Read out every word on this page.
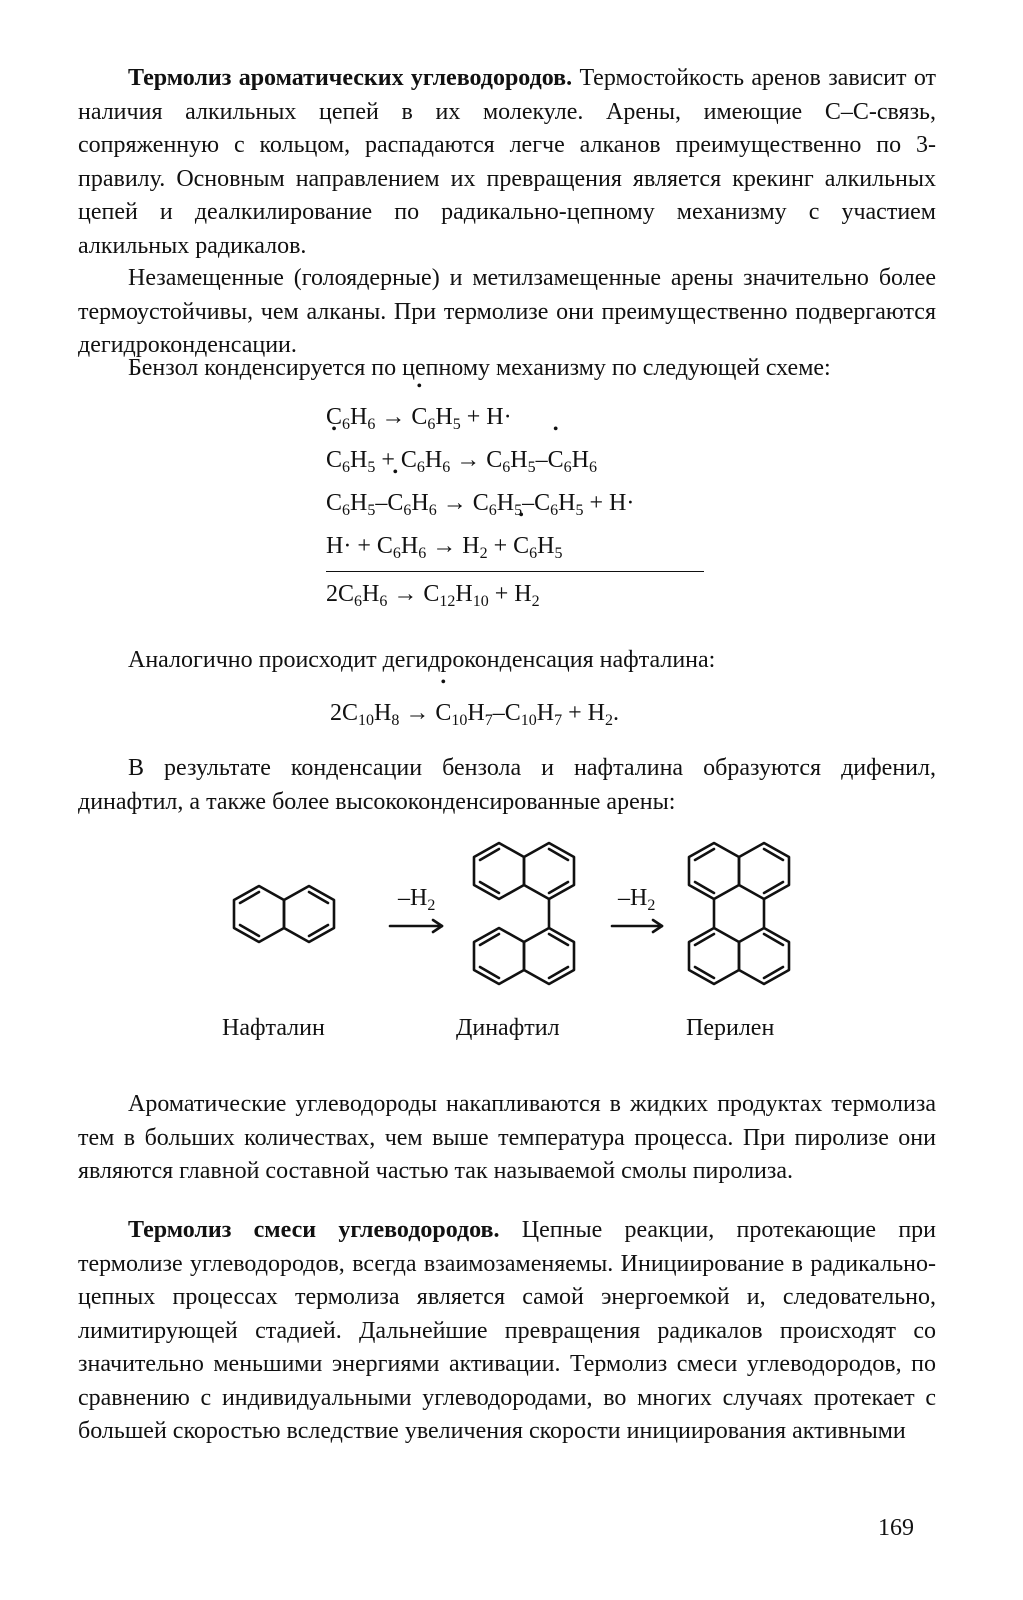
Термолиз ароматических углеводородов. Термостойкость аренов зависит от наличия алкильных цепей в их молекуле. Арены, имеющие С–С-связь, сопряженную с кольцом, распадаются легче алканов преимущественно по 3-правилу. Основным направлением их превращения является крекинг алкильных цепей и деалкилирование по радикально-цепному механизму с участием алкильных радикалов.

Незамещенные (голоядерные) и метилзамещенные арены значительно более термоустойчивы, чем алканы. При термолизе они преимущественно подвергаются дегидроконденсации.

Бензол конденсируется по цепному механизму по следующей схеме:

$C_6H_6$ → • $C_6H_5 + H\cdot$
• $C_6H_5 + C_6H_6$ → $C_6H_5-•$ $C_6H_6$
$C_6H_5-•$ $C_6H_6 \to C_6H_5-C_6H_5 + H\cdot$
$H\cdot + C_6H_6 \to H_2$ + • $C_6H_5$
$2C_6H_6 \to C_{12}H_{10} + H_2$

Аналогично происходит дегидроконденсация нафталина:

$2C_{10}H_8$ → • $C_{10}H_7-C_{10}H_7 + H_2$.

В результате конденсации бензола и нафталина образуются дифенил, динафтил, а также более высококонденсированные арены:

$-H_2$	$-H_2$
Нафталин	Динафтил	Перилен

Ароматические углеводороды накапливаются в жидких продуктах термолиза тем в больших количествах, чем выше температура процесса. При пиролизе они являются главной составной частью так называемой смолы пиролиза.

Термолиз смеси углеводородов. Цепные реакции, протекающие при термолизе углеводородов, всегда взаимозаменяемы. Инициирование в радикально-цепных процессах термолиза является самой энергоемкой и, следовательно, лимитирующей стадией. Дальнейшие превращения радикалов происходят со значительно меньшими энергиями активации. Термолиз смеси углеводородов, по сравнению с индивидуальными углеводородами, во многих случаях протекает с большей скоростью вследствие увеличения скорости инициирования активными

169
